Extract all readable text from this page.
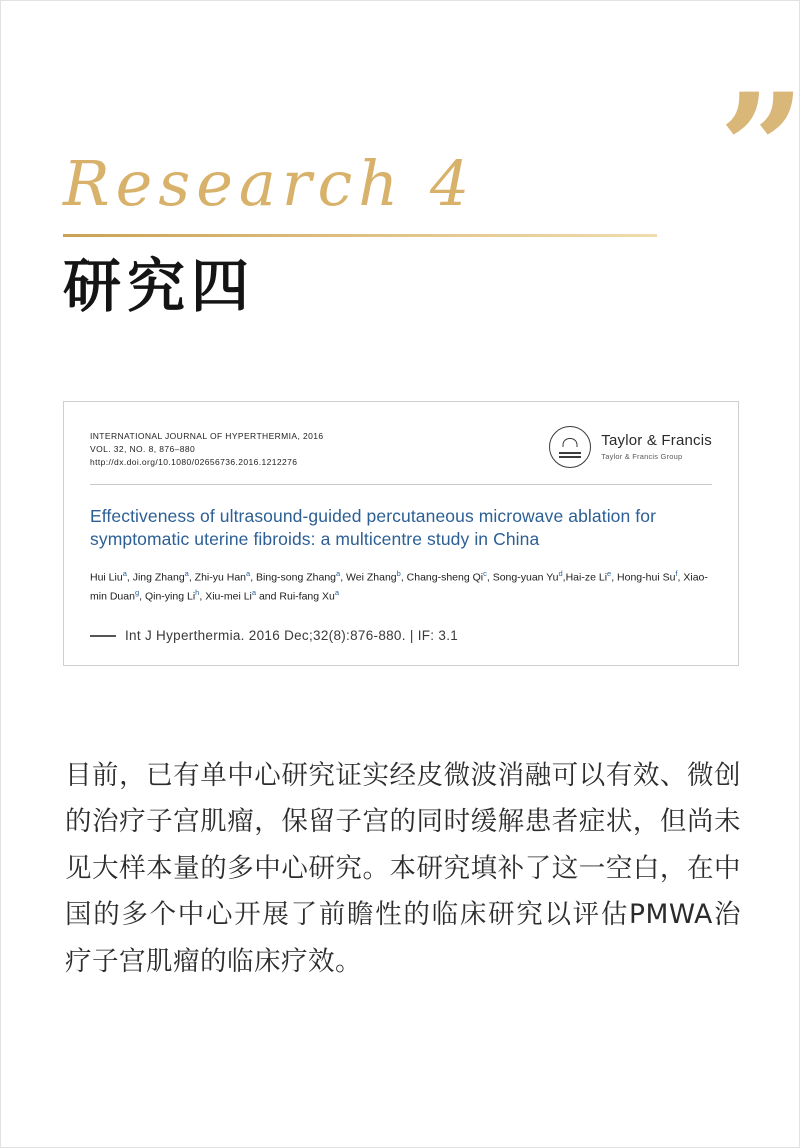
Research 4
研究四
”
INTERNATIONAL JOURNAL OF HYPERTHERMIA, 2016
VOL. 32, NO. 8, 876–880
http://dx.doi.org/10.1080/02656736.2016.1212276
Taylor & Francis
Taylor & Francis Group
Effectiveness of ultrasound-guided percutaneous microwave ablation for symptomatic uterine fibroids: a multicentre study in China
Hui Liu$^a$, Jing Zhang$^a$, Zhi-yu Han$^a$, Bing-song Zhang$^a$, Wei Zhang$^b$, Chang-sheng Qi$^c$, Song-yuan Yu$^d$,Hai-ze Li$^e$, Hong-hui Su$^f$, Xiao-min Duan$^g$, Qin-ying Li$^h$, Xiu-mei Li$^a$ and Rui-fang Xu$^a$
Int J Hyperthermia. 2016 Dec;32(8):876-880. | IF: 3.1
目前，已有单中心研究证实经皮微波消融可以有效、微创的治疗子宫肌瘤，保留子宫的同时缓解患者症状，但尚未见大样本量的多中心研究。本研究填补了这一空白，在中国的多个中心开展了前瞻性的临床研究以评估PMWA治疗子宫肌瘤的临床疗效。
